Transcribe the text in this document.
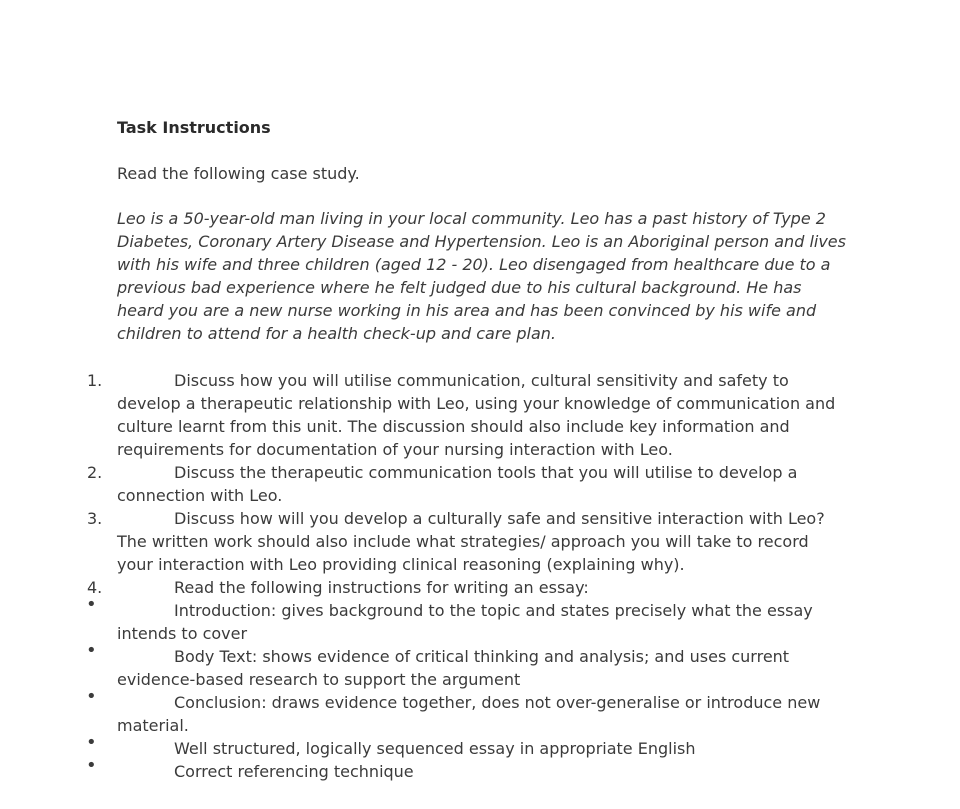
Task Instructions
Read the following case study.

Leo is a 50-year-old man living in your local community. Leo has a past history of Type 2 Diabetes, Coronary Artery Disease and Hypertension. Leo is an Aboriginal person and lives with his wife and three children (aged 12 - 20). Leo disengaged from healthcare due to a previous bad experience where he felt judged due to his cultural background. He has heard you are a new nurse working in his area and has been convinced by his wife and children to attend for a health check-up and care plan.

1.	Discuss how you will utilise communication, cultural sensitivity and safety to develop a therapeutic relationship with Leo, using your knowledge of communication and culture learnt from this unit. The discussion should also include key information and requirements for documentation of your nursing interaction with Leo.
2.	Discuss the therapeutic communication tools that you will utilise to develop a connection with Leo.
3.	Discuss how will you develop a culturally safe and sensitive interaction with Leo? The written work should also include what strategies/ approach you will take to record your interaction with Leo providing clinical reasoning (explaining why).
4.	Read the following instructions for writing an essay:
•	Introduction: gives background to the topic and states precisely what the essay intends to cover
•	Body Text: shows evidence of critical thinking and analysis; and uses current evidence-based research to support the argument
•	Conclusion: draws evidence together, does not over-generalise or introduce new material.
•	Well structured, logically sequenced essay in appropriate English
•	Correct referencing technique
